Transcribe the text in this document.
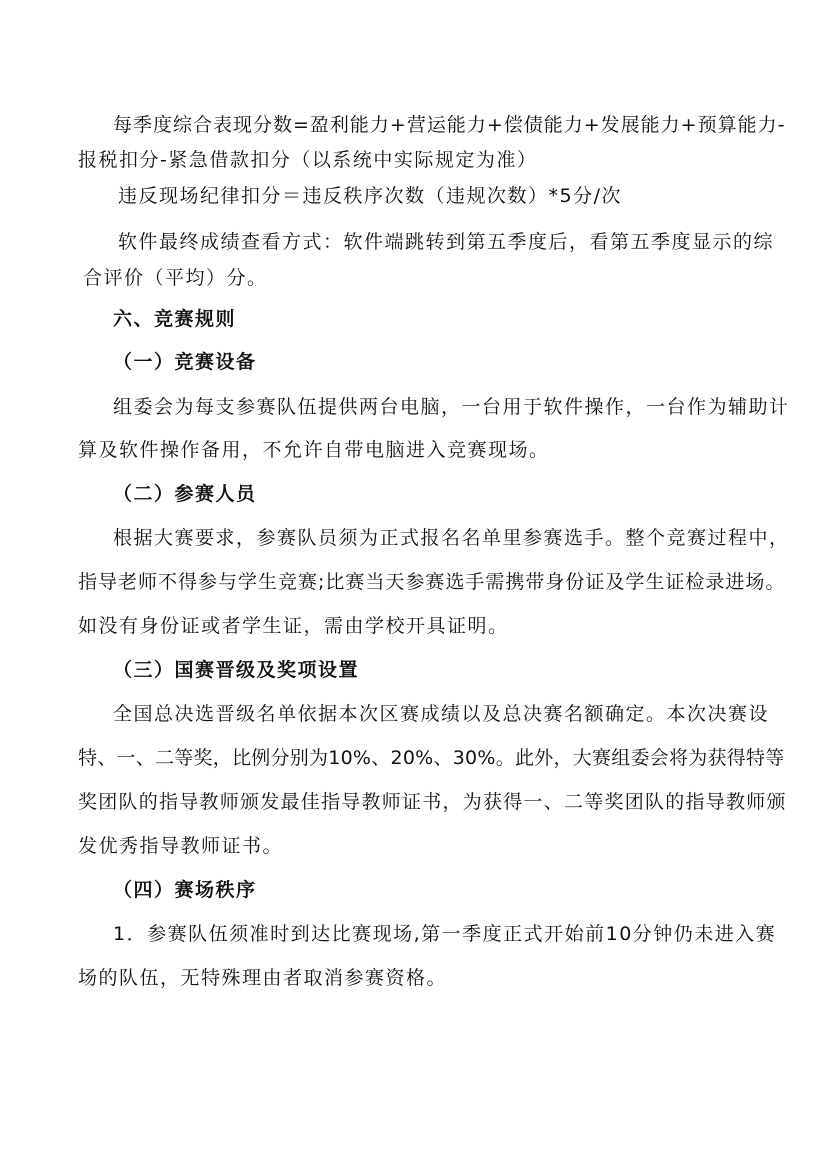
每季度综合表现分数=盈利能力+营运能力+偿债能力+发展能力+预算能力-
报税扣分-紧急借款扣分（以系统中实际规定为准）
违反现场纪律扣分＝违反秩序次数（违规次数）*5分/次
软件最终成绩查看方式：软件端跳转到第五季度后，看第五季度显示的综
合评价（平均）分。
六、竞赛规则
（一）竞赛设备
组委会为每支参赛队伍提供两台电脑，一台用于软件操作，一台作为辅助计
算及软件操作备用，不允许自带电脑进入竞赛现场。
（二）参赛人员
根据大赛要求，参赛队员须为正式报名名单里参赛选手。整个竞赛过程中，
指导老师不得参与学生竞赛;比赛当天参赛选手需携带身份证及学生证检录进场。
如没有身份证或者学生证，需由学校开具证明。
（三）国赛晋级及奖项设置
全国总决选晋级名单依据本次区赛成绩以及总决赛名额确定。本次决赛设
特、一、二等奖，比例分别为10%、20%、30%。此外，大赛组委会将为获得特等
奖团队的指导教师颁发最佳指导教师证书，为获得一、二等奖团队的指导教师颁
发优秀指导教师证书。
（四）赛场秩序
1．参赛队伍须准时到达比赛现场,第一季度正式开始前10分钟仍未进入赛
场的队伍，无特殊理由者取消参赛资格。
